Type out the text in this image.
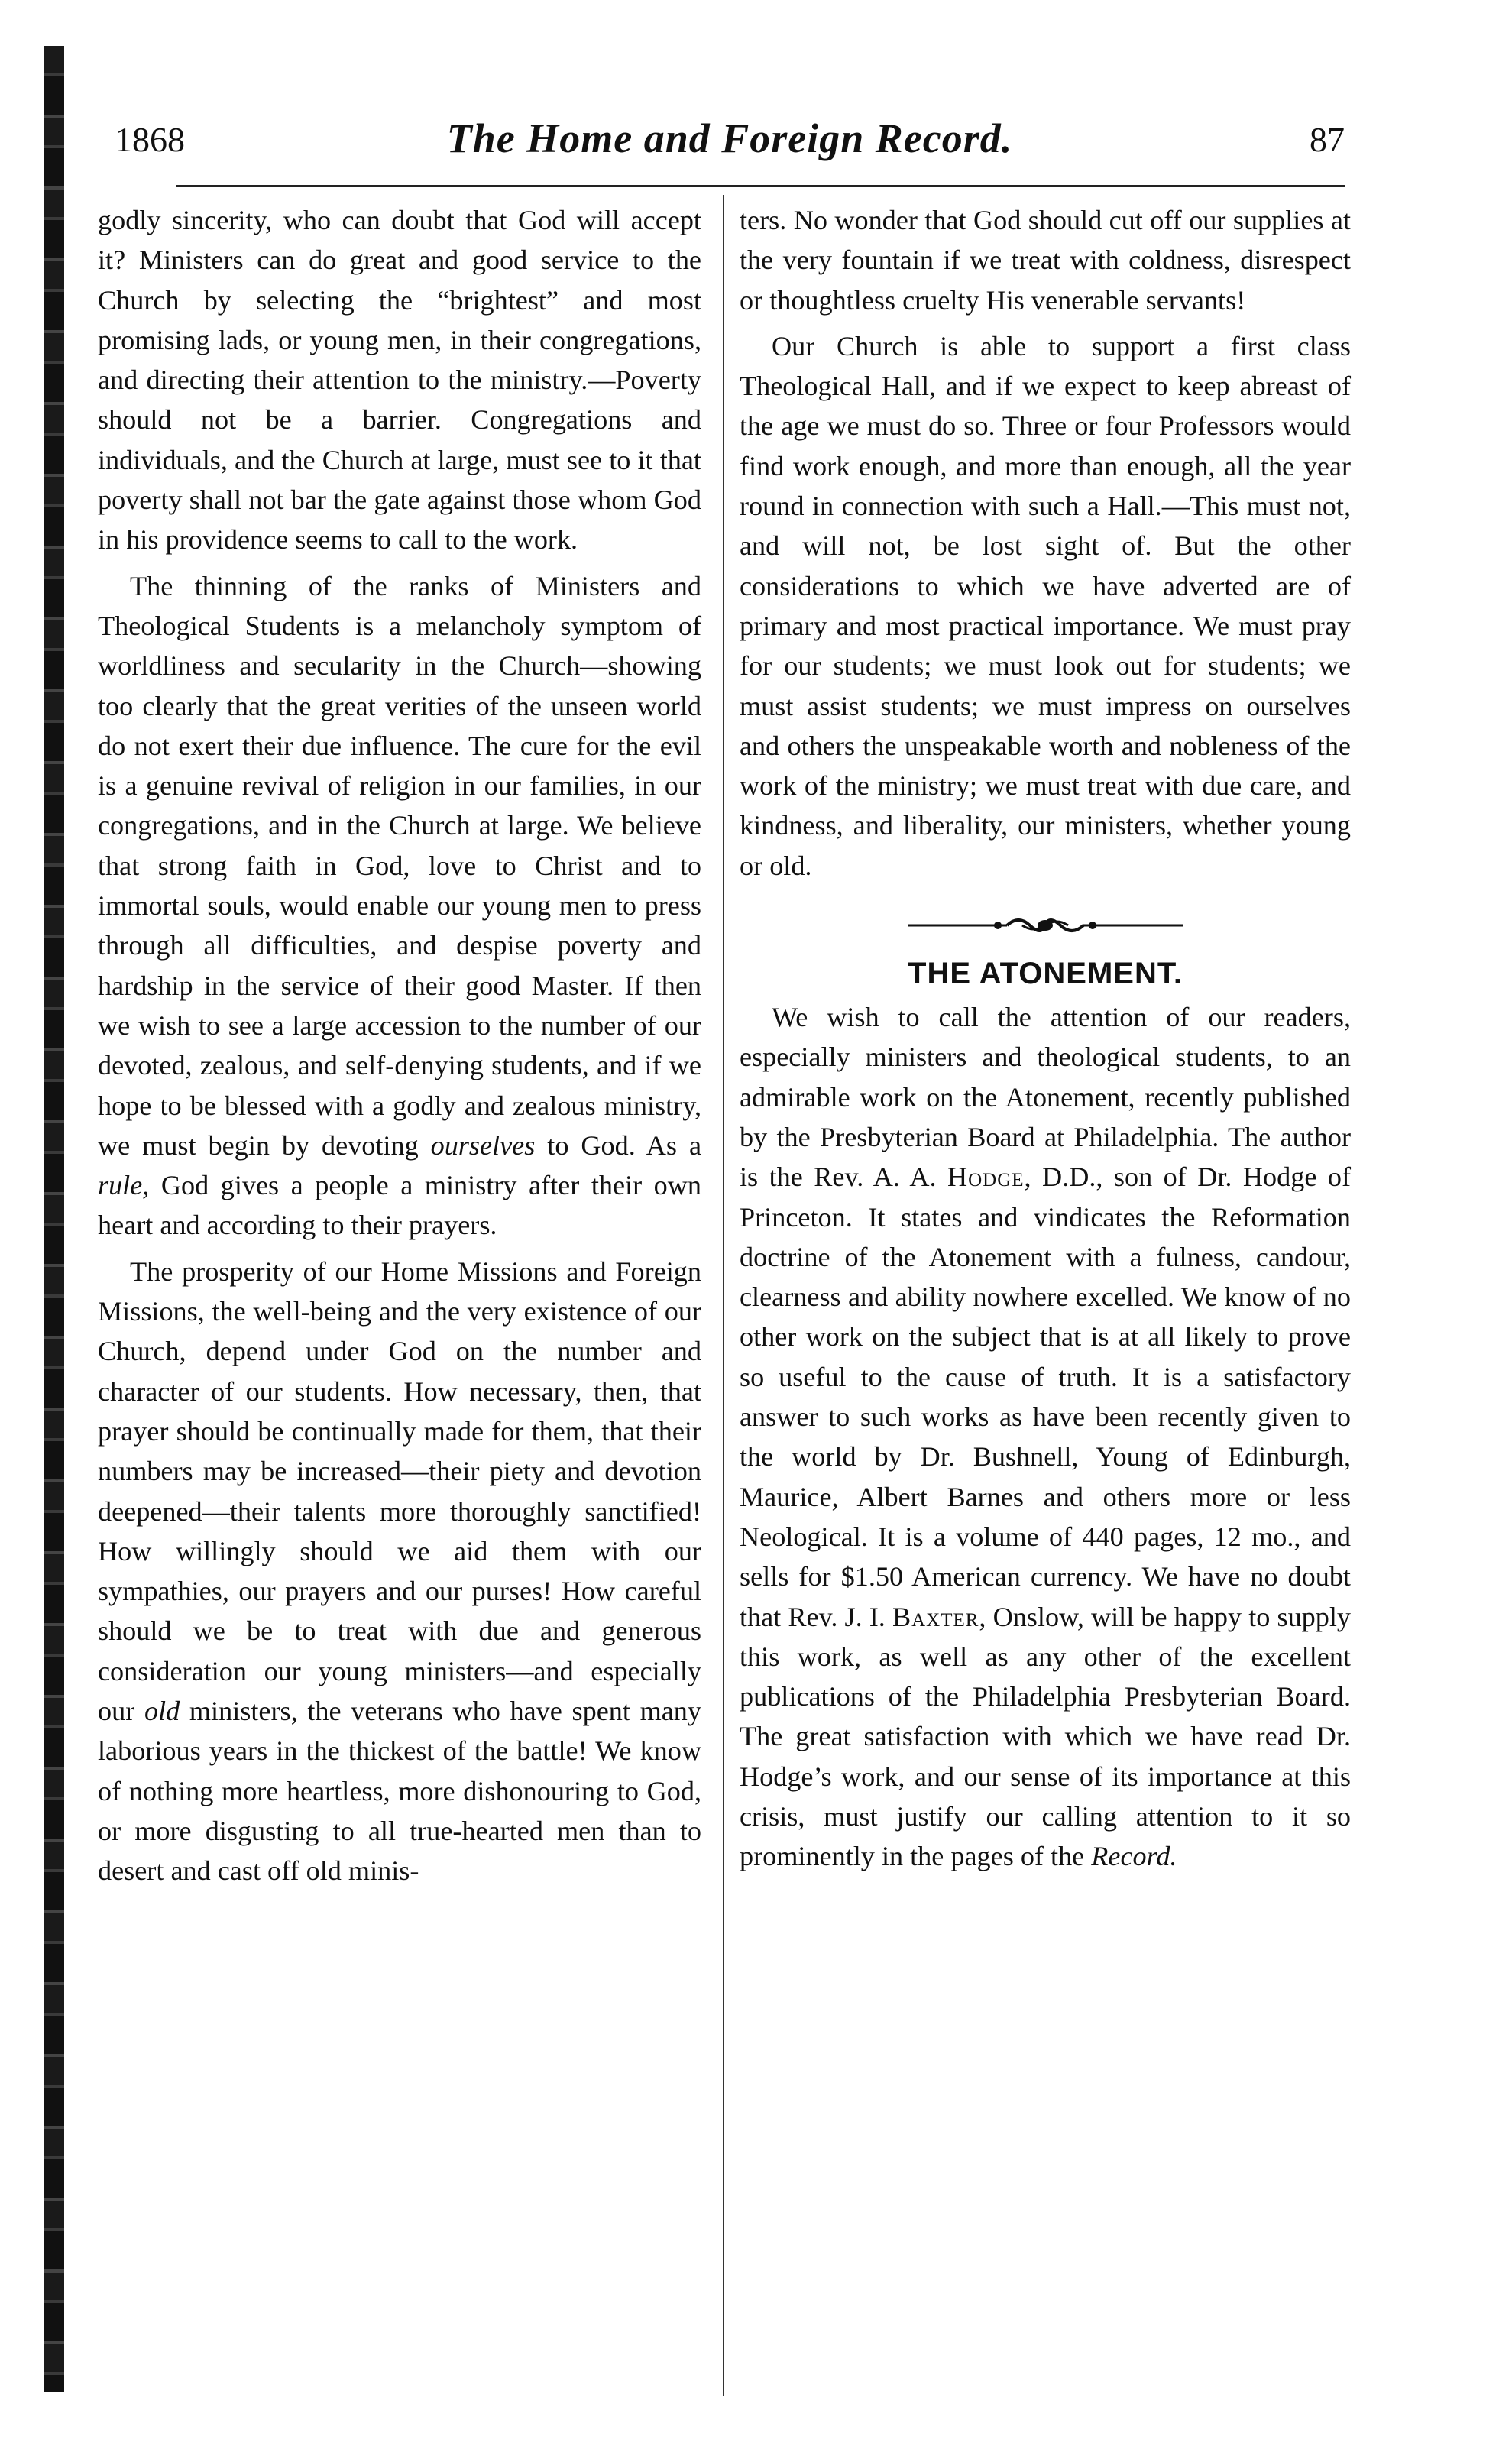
1868	The Home and Foreign Record.	87

godly sincerity, who can doubt that God will accept it? Ministers can do great and good service to the Church by selecting the “brightest” and most promising lads, or young men, in their congregations, and directing their attention to the ministry.—Poverty should not be a barrier. Congregations and individuals, and the Church at large, must see to it that poverty shall not bar the gate against those whom God in his providence seems to call to the work.

The thinning of the ranks of Ministers and Theological Students is a melancholy symptom of worldliness and secularity in the Church—showing too clearly that the great verities of the unseen world do not exert their due influence. The cure for the evil is a genuine revival of religion in our families, in our congregations, and in the Church at large. We believe that strong faith in God, love to Christ and to immortal souls, would enable our young men to press through all difficulties, and despise poverty and hardship in the service of their good Master. If then we wish to see a large accession to the number of our devoted, zealous, and self-denying students, and if we hope to be blessed with a godly and zealous ministry, we must begin by devoting ourselves to God. As a rule, God gives a people a ministry after their own heart and according to their prayers.

The prosperity of our Home Missions and Foreign Missions, the well-being and the very existence of our Church, depend under God on the number and character of our students. How necessary, then, that prayer should be continually made for them, that their numbers may be increased—their piety and devotion deepened—their talents more thoroughly sanctified! How willingly should we aid them with our sympathies, our prayers and our purses! How careful should we be to treat with due and generous consideration our young ministers—and especially our old ministers, the veterans who have spent many laborious years in the thickest of the battle! We know of nothing more heartless, more dishonouring to God, or more disgusting to all true-hearted men than to desert and cast off old minis-

ters. No wonder that God should cut off our supplies at the very fountain if we treat with coldness, disrespect or thoughtless cruelty His venerable servants!

Our Church is able to support a first class Theological Hall, and if we expect to keep abreast of the age we must do so. Three or four Professors would find work enough, and more than enough, all the year round in connection with such a Hall.—This must not, and will not, be lost sight of. But the other considerations to which we have adverted are of primary and most practical importance. We must pray for our students; we must look out for students; we must assist students; we must impress on ourselves and others the unspeakable worth and nobleness of the work of the ministry; we must treat with due care, and kindness, and liberality, our ministers, whether young or old.

THE ATONEMENT.

We wish to call the attention of our readers, especially ministers and theological students, to an admirable work on the Atonement, recently published by the Presbyterian Board at Philadelphia. The author is the Rev. A. A. Hodge, D.D., son of Dr. Hodge of Princeton. It states and vindicates the Reformation doctrine of the Atonement with a fulness, candour, clearness and ability nowhere excelled. We know of no other work on the subject that is at all likely to prove so useful to the cause of truth. It is a satisfactory answer to such works as have been recently given to the world by Dr. Bushnell, Young of Edinburgh, Maurice, Albert Barnes and others more or less Neological. It is a volume of 440 pages, 12 mo., and sells for $1.50 American currency. We have no doubt that Rev. J. I. Baxter, Onslow, will be happy to supply this work, as well as any other of the excellent publications of the Philadelphia Presbyterian Board. The great satisfaction with which we have read Dr. Hodge’s work, and our sense of its importance at this crisis, must justify our calling attention to it so prominently in the pages of the Record.
